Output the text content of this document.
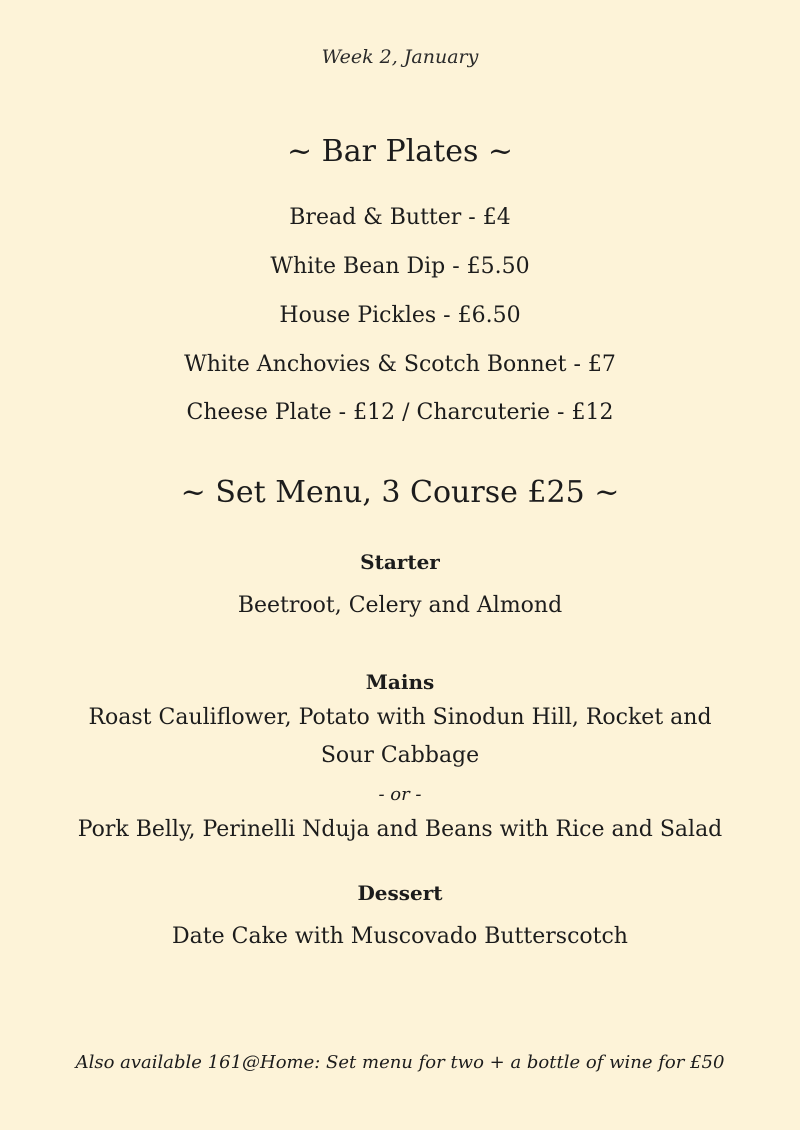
Week 2, January
~ Bar Plates ~
Bread & Butter - £4
White Bean Dip - £5.50
House Pickles - £6.50
White Anchovies & Scotch Bonnet - £7
Cheese Plate - £12 / Charcuterie - £12
~ Set Menu, 3 Course £25 ~
Starter
Beetroot, Celery and Almond
Mains
Roast Cauliflower, Potato with Sinodun Hill, Rocket and
Sour Cabbage
- or -
Pork Belly, Perinelli Nduja and Beans with Rice and Salad
Dessert
Date Cake with Muscovado Butterscotch
Also available 161@Home: Set menu for two + a bottle of wine for £50
